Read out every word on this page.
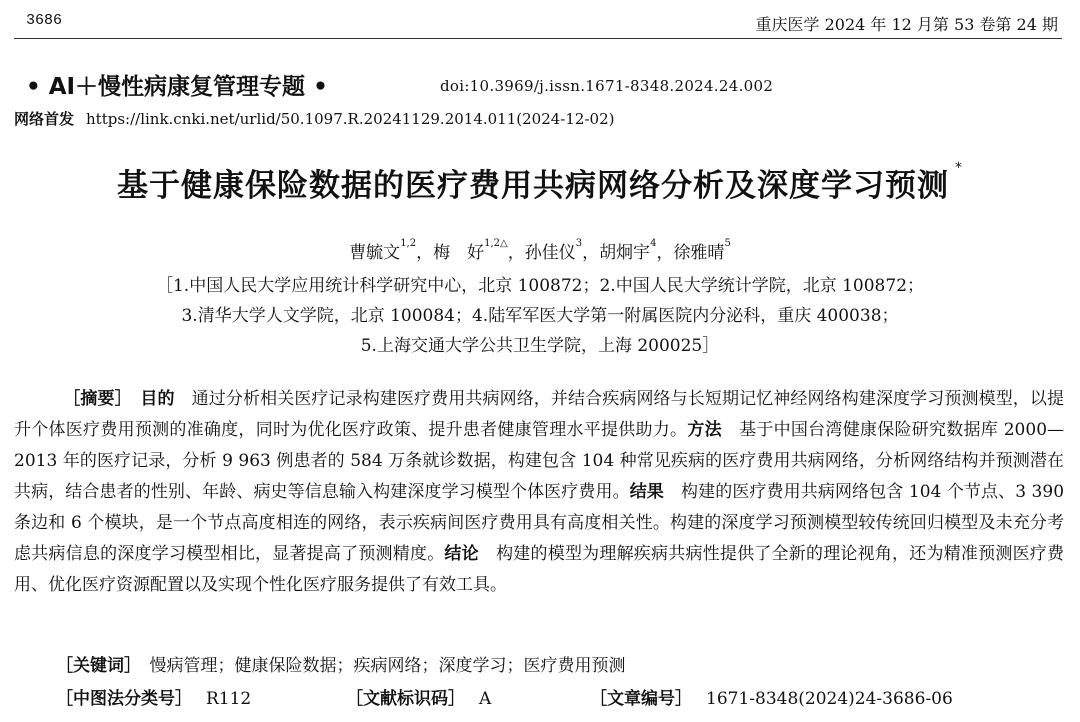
3686	重庆医学 2024 年 12 月第 53 卷第 24 期
• AI＋慢性病康复管理专题 •	doi:10.3969/j.issn.1671-8348.2024.24.002
网络首发 https://link.cnki.net/urlid/50.1097.R.20241129.2014.011(2024-12-02)
基于健康保险数据的医疗费用共病网络分析及深度学习预测 *
曹毓文$^{1,2}$，梅　好$^{1,2\triangle}$，孙佳仪$^3$，胡炯宇$^4$，徐雅晴$^5$
［1.中国人民大学应用统计科学研究中心，北京 100872；2.中国人民大学统计学院，北京 100872；
3.清华大学人文学院，北京 100084；4.陆军军医大学第一附属医院内分泌科，重庆 400038；
5.上海交通大学公共卫生学院，上海 200025］
［摘要］　 目的　 通过分析相关医疗记录构建医疗费用共病网络，并结合疾病网络与长短期记忆神经网络构建深度学习预测模型，以提升个体医疗费用预测的准确度，同时为优化医疗政策、提升患者健康管理水平提供助力。方法　 基于中国台湾健康保险研究数据库 2000—2013 年的医疗记录，分析 9 963 例患者的 584 万条就诊数据，构建包含 104 种常见疾病的医疗费用共病网络，分析网络结构并预测潜在共病，结合患者的性别、年龄、病史等信息输入构建深度学习模型个体医疗费用。结果　 构建的医疗费用共病网络包含 104 个节点、3 390 条边和 6 个模块，是一个节点高度相连的网络，表示疾病间医疗费用具有高度相关性。构建的深度学习预测模型较传统回归模型及未充分考虑共病信息的深度学习模型相比，显著提高了预测精度。结论　 构建的模型为理解疾病共病性提供了全新的理论视角，还为精准预测医疗费用、优化医疗资源配置以及实现个性化医疗服务提供了有效工具。
［关键词］　 慢病管理；健康保险数据；疾病网络；深度学习；医疗费用预测
［中图法分类号］ R112	［文献标识码］ A	［文章编号］ 1671-8348(2024)24-3686-06
